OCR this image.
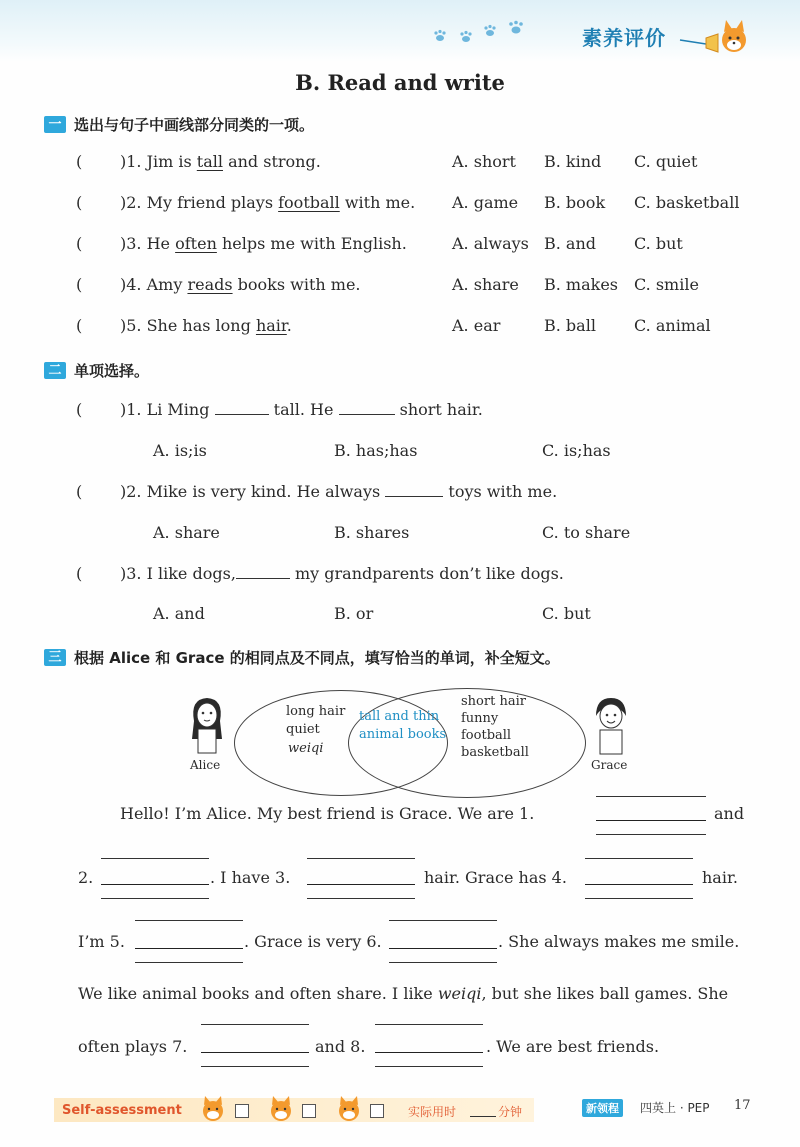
素养评价
B. Read and write
一 选出与句子中画线部分同类的一项。
( )1. Jim is tall and strong.	A. short B. kind C. quiet
( )2. My friend plays football with me. A. game B. book C. basketball
( )3. He often helps me with English.	A. always B. and C. but
( )4. Amy reads books with me.	A. share B. makes C. smile
( )5. She has long hair.	A. ear	B. ball C. animal
二 单项选择。
( )1. Li Ming	tall. He	short hair.
A. is;is	B. has;has	C. is;has
( )2. Mike is very kind. He always	toys with me.
A. share	B. shares	C. to share
( )3. I like dogs,	my grandparents don’t like dogs.
A. and	B. or	C. but
三 根据 Alice 和 Grace 的相同点及不同点，填写恰当的单词，补全短文。
Alice	Grace
long hair
quiet
weiqi
tall and thin
animal books
short hair
funny
football
basketball
Hello! I’m Alice. My best friend is Grace. We are 1.	and
2.	. I have 3.	hair. Grace has 4.	hair.
I’m 5.	. Grace is very 6.	. She always makes me smile.
We like animal books and often share. I like weiqi, but she likes ball games. She
often plays 7.	and 8.	. We are best friends.
Self-assessment	实际用时	分钟	新领程	四英上 · PEP 17
